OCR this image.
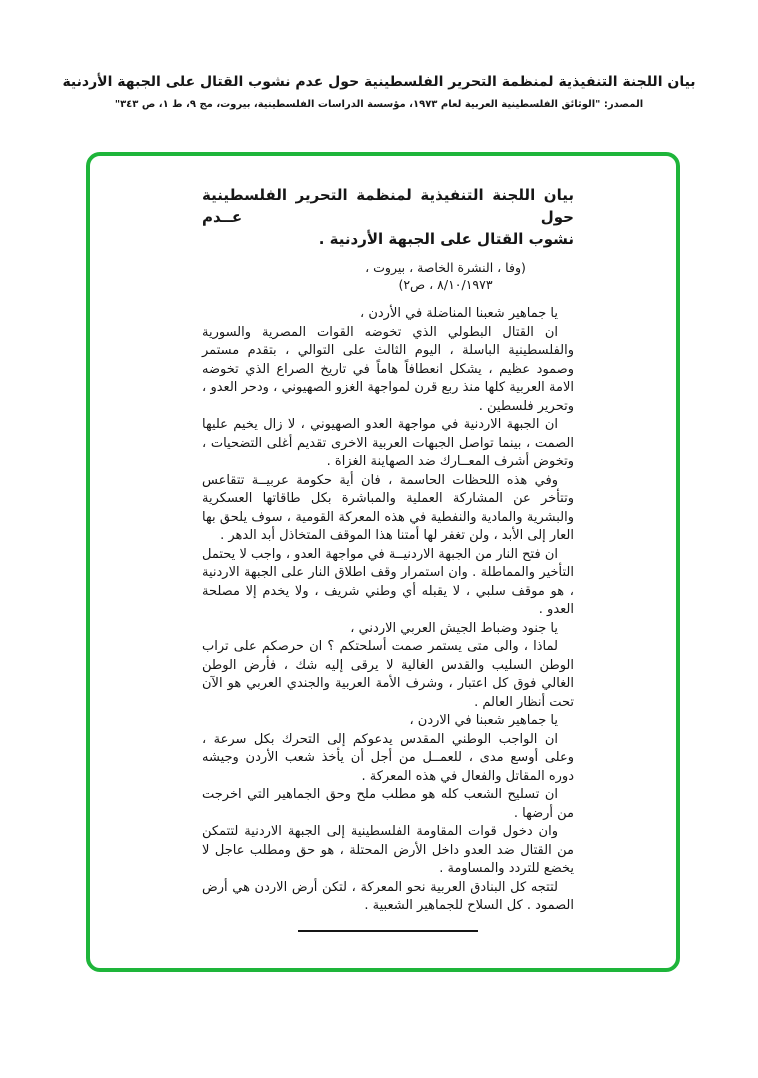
بيان اللجنة التنفيذية لمنظمة التحرير الفلسطينية حول عدم نشوب القتال على الجبهة الأردنية
المصدر: "الوثائق الفلسطينية العربية لعام ١٩٧٣، مؤسسة الدراسات الفلسطينية، بيروت، مج ٩، ط ١، ص ٣٤٣"
بيان اللجنة التنفيذية لمنظمة التحرير الفلسطينية حول عــدم
نشوب القتال على الجبهة الأردنية .
(وفا ، النشرة الخاصة ، بيروت ،
٨/١٠/١٩٧٣ ، ص٢)

يا جماهير شعبنا المناضلة في الأردن ،

ان القتال البطولي الذي تخوضه القوات المصرية والسورية والفلسطينية الباسلة ، اليوم الثالث على التوالي ، بتقدم مستمر وصمود عظيم ، يشكل انعطافاً هاماً في تاريخ الصراع الذي تخوضه الامة العربية كلها منذ ربع قرن لمواجهة الغزو الصهيوني ، ودحر العدو ، وتحرير فلسطين .

ان الجبهة الاردنية في مواجهة العدو الصهيوني ، لا زال يخيم عليها الصمت ، بينما تواصل الجبهات العربية الاخرى تقديم أغلى التضحيات ، وتخوض أشرف المعــارك ضد الصهاينة الغزاة .

وفي هذه اللحظات الحاسمة ، فان أية حكومة عربيــة تتقاعس وتتأخر عن المشاركة العملية والمباشرة بكل طاقاتها العسكرية والبشرية والمادية والنفطية في هذه المعركة القومية ، سوف يلحق بها العار إلى الأبد ، ولن تغفر لها أمتنا هذا الموقف المتخاذل أبد الدهر .

ان فتح النار من الجبهة الاردنيــة في مواجهة العدو ، واجب لا يحتمل التأخير والمماطلة . وان استمرار وقف اطلاق النار على الجبهة الاردنية ، هو موقف سلبي ، لا يقبله أي وطني شريف ، ولا يخدم إلا مصلحة العدو .

يا جنود وضباط الجيش العربي الاردني ،

لماذا ، والى متى يستمر صمت أسلحتكم ؟ ان حرصكم على تراب الوطن السليب والقدس الغالية لا يرقى إليه شك ، فأرض الوطن الغالي فوق كل اعتبار ، وشرف الأمة العربية والجندي العربي هو الآن تحت أنظار العالم .

يا جماهير شعبنا في الاردن ،

ان الواجب الوطني المقدس يدعوكم إلى التحرك بكل سرعة ، وعلى أوسع مدى ، للعمــل من أجل أن يأخذ شعب الأردن وجيشه دوره المقاتل والفعال في هذه المعركة .

ان تسليح الشعب كله هو مطلب ملح وحق الجماهير التي اخرجت من أرضها .

وان دخول قوات المقاومة الفلسطينية إلى الجبهة الاردنية لتتمكن من القتال ضد العدو داخل الأرض المحتلة ، هو حق ومطلب عاجل لا يخضع للتردد والمساومة .

لتتجه كل البنادق العربية نحو المعركة ، لتكن أرض الاردن هي أرض الصمود . كل السلاح للجماهير الشعبية .
